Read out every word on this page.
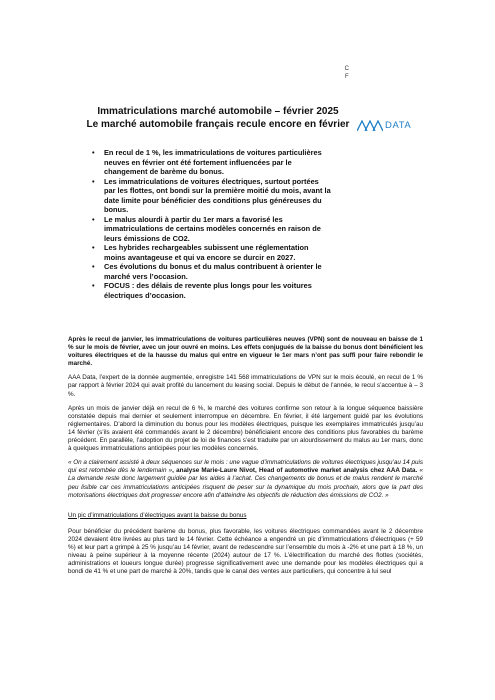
C
F
DATA
Immatriculations marché automobile – février 2025
Le marché automobile français recule encore en février
• En recul de 1 %, les immatriculations de voitures particulières neuves en février ont été fortement influencées par le changement de barème du bonus.
• Les immatriculations de voitures électriques, surtout portées par les flottes, ont bondi sur la première moitié du mois, avant la date limite pour bénéficier des conditions plus généreuses du bonus.
• Le malus alourdi à partir du 1er mars a favorisé les immatriculations de certains modèles concernés en raison de leurs émissions de CO2.
• Les hybrides rechargeables subissent une réglementation moins avantageuse et qui va encore se durcir en 2027.
• Ces évolutions du bonus et du malus contribuent à orienter le marché vers l’occasion.
• FOCUS : des délais de revente plus longs pour les voitures électriques d’occasion.

Après le recul de janvier, les immatriculations de voitures particulières neuves (VPN) sont de nouveau en baisse de 1 % sur le mois de février, avec un jour ouvré en moins. Les effets conjugués de la baisse du bonus dont bénéficient les voitures électriques et de la hausse du malus qui entre en vigueur le 1er mars n’ont pas suffi pour faire rebondir le marché.

AAA Data, l’expert de la donnée augmentée, enregistre 141 568 immatriculations de VPN sur le mois écoulé, en recul de 1 % par rapport à février 2024 qui avait profité du lancement du leasing social. Depuis le début de l’année, le recul s’accentue à – 3 %.

Après un mois de janvier déjà en recul de 6 %, le marché des voitures confirme son retour à la longue séquence baissière constatée depuis mai dernier et seulement interrompue en décembre. En février, il été largement guidé par les évolutions réglementaires. D’abord la diminution du bonus pour les modèles électriques, puisque les exemplaires immatriculés jusqu’au 14 février (s’ils avaient été commandés avant le 2 décembre) bénéficiaient encore des conditions plus favorables du barème précédent. En parallèle, l’adoption du projet de loi de finances s’est traduite par un alourdissement du malus au 1er mars, donc à quelques immatriculations anticipées pour les modèles concernés.

« On a clairement assisté à deux séquences sur le mois : une vague d’immatriculations de voitures électriques jusqu’au 14 puis qui est retombée dès le lendemain », analyse Marie-Laure Nivot, Head of automotive market analysis chez AAA Data. « La demande reste donc largement guidée par les aides à l’achat. Ces changements de bonus et de malus rendent le marché peu lisible car ces immatriculations anticipées risquent de peser sur la dynamique du mois prochain, alors que la part des motorisations électriques doit progresser encore afin d’atteindre les objectifs de réduction des émissions de CO2. »

Un pic d’immatriculations d’électriques avant la baisse du bonus

Pour bénéficier du précédent barème du bonus, plus favorable, les voitures électriques commandées avant le 2 décembre 2024 devaient être livrées au plus tard le 14 février. Cette échéance a engendré un pic d’immatriculations d’électriques (+ 59 %) et leur part a grimpé à 25 % jusqu’au 14 février, avant de redescendre sur l’ensemble du mois à -2% et une part à 18 %, un niveau à peine supérieur à la moyenne récente (2024) autour de 17 %. L’électrification du marché des flottes (sociétés, administrations et loueurs longue durée) progresse significativement avec une demande pour les modèles électriques qui a bondi de 41 % et une part de marché à 20%, tandis que le canal des ventes aux particuliers, qui concentre à lui seul
